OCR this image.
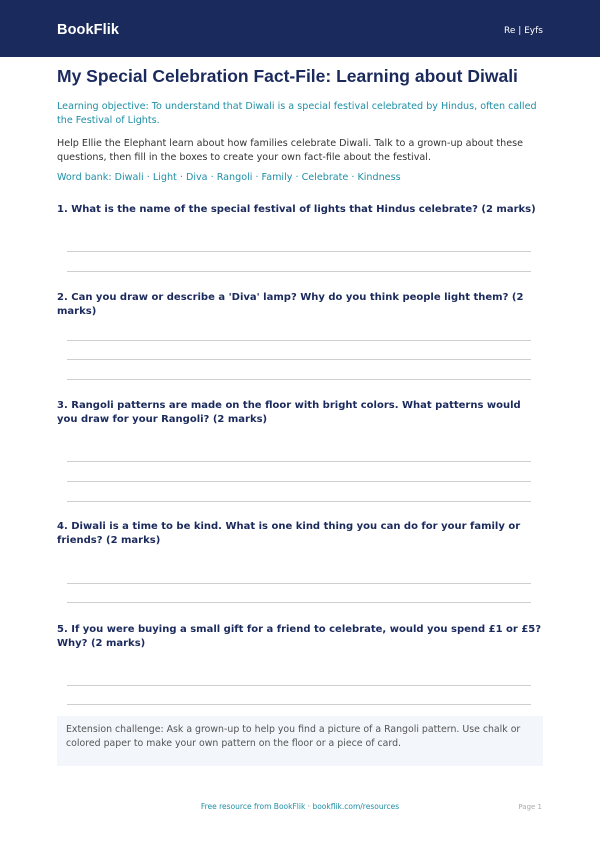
BookFlik	Re | Eyfs
My Special Celebration Fact-File: Learning about Diwali
Learning objective: To understand that Diwali is a special festival celebrated by Hindus, often called the Festival of Lights.
Help Ellie the Elephant learn about how families celebrate Diwali. Talk to a grown-up about these questions, then fill in the boxes to create your own fact-file about the festival.
Word bank: Diwali · Light · Diva · Rangoli · Family · Celebrate · Kindness
1. What is the name of the special festival of lights that Hindus celebrate? (2 marks)
2. Can you draw or describe a 'Diva' lamp? Why do you think people light them? (2 marks)
3. Rangoli patterns are made on the floor with bright colors. What patterns would you draw for your Rangoli? (2 marks)
4. Diwali is a time to be kind. What is one kind thing you can do for your family or friends? (2 marks)
5. If you were buying a small gift for a friend to celebrate, would you spend £1 or £5? Why? (2 marks)
Extension challenge: Ask a grown-up to help you find a picture of a Rangoli pattern. Use chalk or colored paper to make your own pattern on the floor or a piece of card.
Free resource from BookFlik · bookflik.com/resources	Page 1
